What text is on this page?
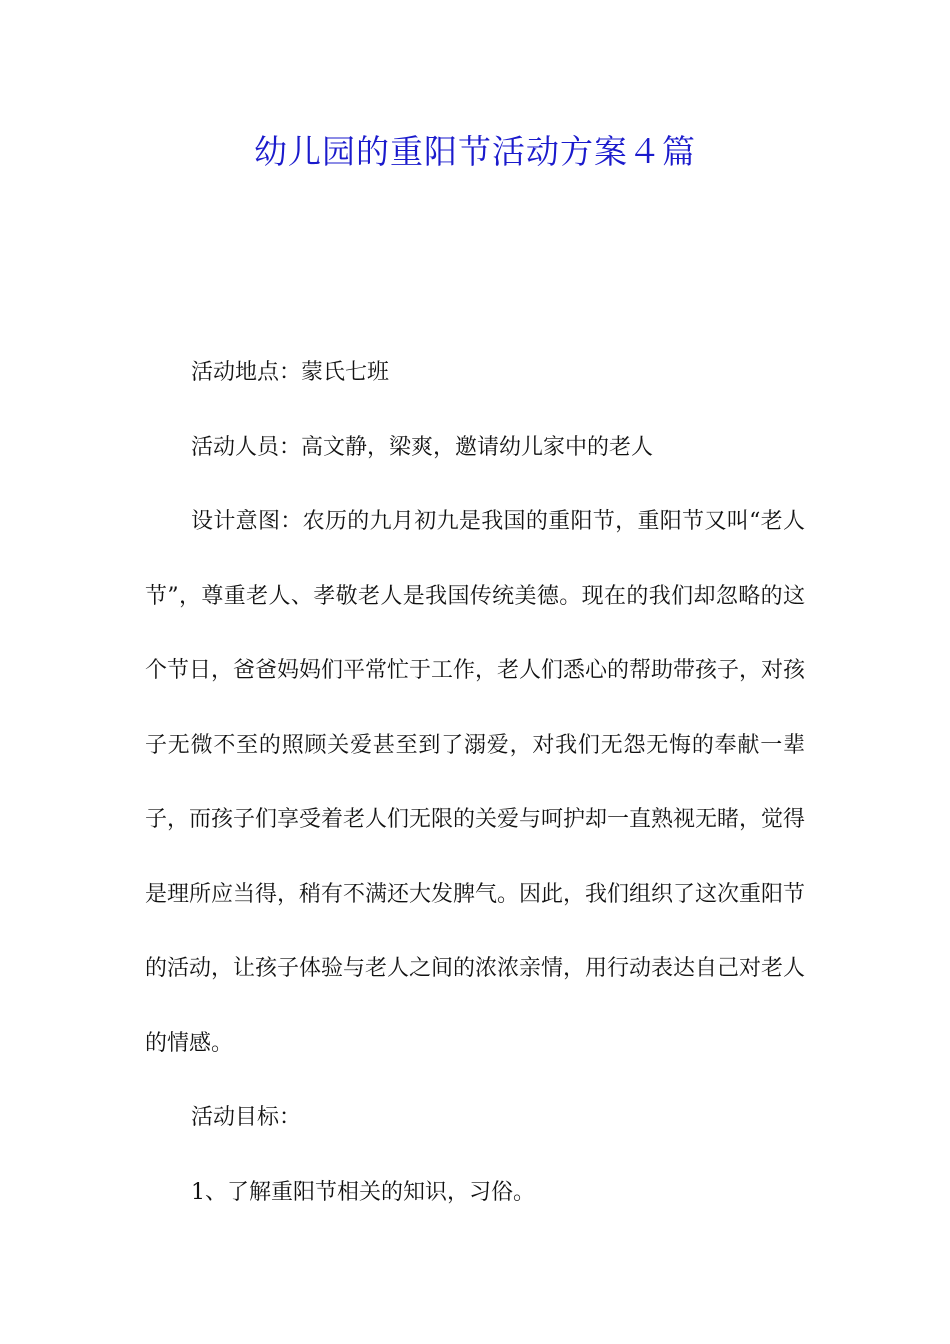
幼儿园的重阳节活动方案４篇

活动地点：蒙氏七班

活动人员：高文静，梁爽，邀请幼儿家中的老人

设计意图：农历的九月初九是我国的重阳节，重阳节又叫“老人节”，尊重老人、孝敬老人是我国传统美德。现在的我们却忽略的这个节日，爸爸妈妈们平常忙于工作，老人们悉心的帮助带孩子，对孩子无微不至的照顾关爱甚至到了溺爱，对我们无怨无悔的奉献一辈子，而孩子们享受着老人们无限的关爱与呵护却一直熟视无睹，觉得是理所应当得，稍有不满还大发脾气。因此，我们组织了这次重阳节的活动，让孩子体验与老人之间的浓浓亲情，用行动表达自己对老人的情感。

活动目标：

1、了解重阳节相关的知识，习俗。
